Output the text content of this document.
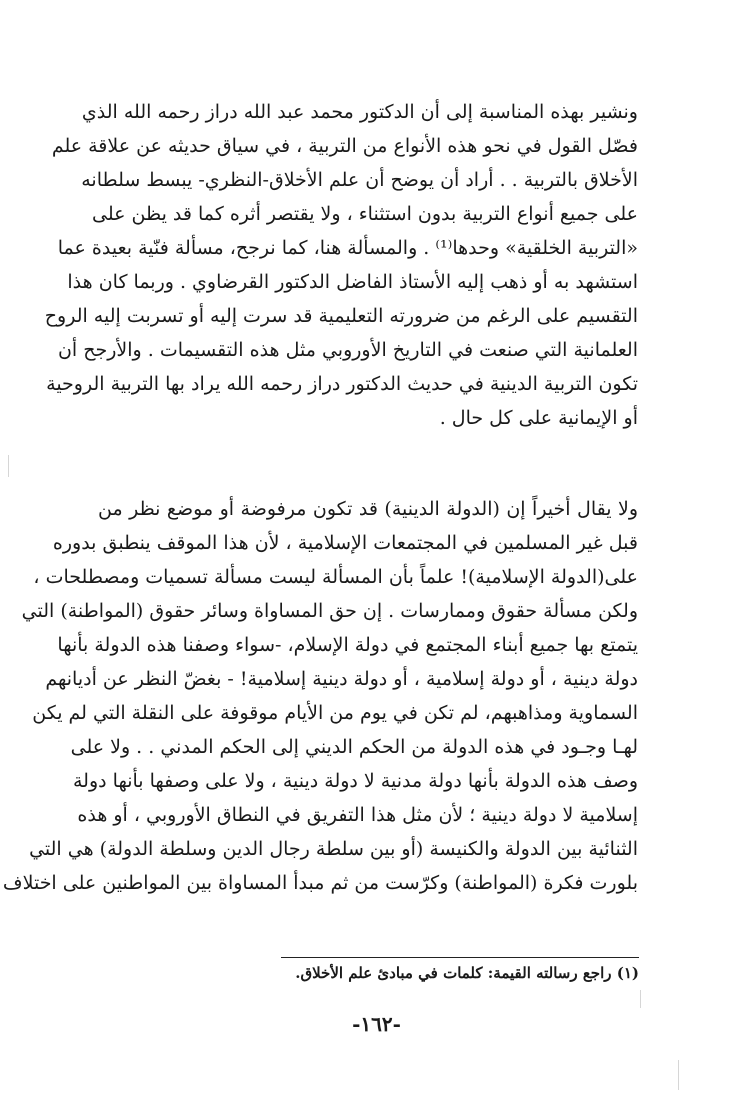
ونشير بهذه المناسبة إلى أن الدكتور محمد عبد الله دراز رحمه الله الذي
فصّل القول في نحو هذه الأنواع من التربية ، في سياق حديثه عن علاقة علم
الأخلاق بالتربية . . أراد أن يوضح أن علم الأخلاق-النظري- يبسط سلطانه
على جميع أنواع التربية بدون استثناء ، ولا يقتصر أثره كما قد يظن على
«التربية الخلقية» وحدها⁽¹⁾ . والمسألة هنا، كما نرجح، مسألة فنّية بعيدة عما
استشهد به أو ذهب إليه الأستاذ الفاضل الدكتور القرضاوي . وربما كان هذا
التقسيم على الرغم من ضرورته التعليمية قد سرت إليه أو تسربت إليه الروح
العلمانية التي صنعت في التاريخ الأوروبي مثل هذه التقسيمات . والأرجح أن
تكون التربية الدينية في حديث الدكتور دراز رحمه الله يراد بها التربية الروحية
أو الإيمانية على كل حال .
ولا يقال أخيراً إن (الدولة الدينية) قد تكون مرفوضة أو موضع نظر من
قبل غير المسلمين في المجتمعات الإسلامية ، لأن هذا الموقف ينطبق بدوره
على(الدولة الإسلامية)! علماً بأن المسألة ليست مسألة تسميات ومصطلحات ،
ولكن مسألة حقوق وممارسات . إن حق المساواة وسائر حقوق (المواطنة) التي
يتمتع بها جميع أبناء المجتمع في دولة الإسلام، -سواء وصفنا هذه الدولة بأنها
دولة دينية ، أو دولة إسلامية ، أو دولة دينية إسلامية! - بغضّ النظر عن أديانهم
السماوية ومذاهبهم، لم تكن في يوم من الأيام موقوفة على النقلة التي لم يكن
لهـا وجـود في هذه الدولة من الحكم الديني إلى الحكم المدني . . ولا على
وصف هذه الدولة بأنها دولة مدنية لا دولة دينية ، ولا على وصفها بأنها دولة
إسلامية لا دولة دينية ؛ لأن مثل هذا التفريق في النطاق الأوروبي ، أو هذه
الثنائية بين الدولة والكنيسة (أو بين سلطة رجال الدين وسلطة الدولة) هي التي
بلورت فكرة (المواطنة) وكرّست من ثم مبدأ المساواة بين المواطنين على اختلاف
(١) راجع رسالته القيمة: كلمات في مبادئ علم الأخلاق.
-١٦٢-
